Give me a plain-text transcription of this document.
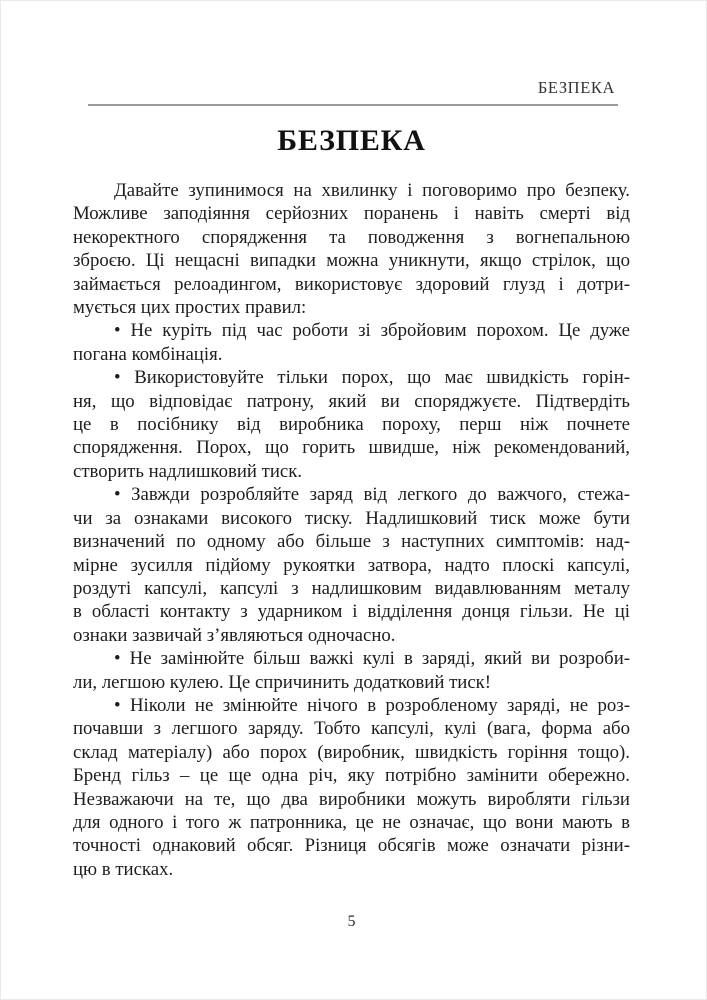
БЕЗПЕКА
БЕЗПЕКА
Давайте зупинимося на хвилинку і поговоримо про безпеку.
Можливе заподіяння серйозних поранень і навіть смерті від
некоректного спорядження та поводження з вогнепальною
зброєю. Ці нещасні випадки можна уникнути, якщо стрілок, що
займається релоадингом, використовує здоровий глузд і дотри-
мується цих простих правил:
• Не куріть під час роботи зі збройовим порохом. Це дуже
погана комбінація.
• Використовуйте тільки порох, що має швидкість горін-
ня, що відповідає патрону, який ви споряджуєте. Підтвердіть
це в посібнику від виробника пороху, перш ніж почнете
спорядження. Порох, що горить швидше, ніж рекомендований,
створить надлишковий тиск.
• Завжди розробляйте заряд від легкого до важчого, стежа-
чи за ознаками високого тиску. Надлишковий тиск може бути
визначений по одному або більше з наступних симптомів: над-
мірне зусилля підйому рукоятки затвора, надто плоскі капсулі,
роздуті капсулі, капсулі з надлишковим видавлюванням металу
в області контакту з ударником і відділення донця гільзи. Не ці
ознаки зазвичай з’являються одночасно.
• Не замінюйте більш важкі кулі в заряді, який ви розроби-
ли, легшою кулею. Це спричинить додатковий тиск!
• Ніколи не змінюйте нічого в розробленому заряді, не роз-
почавши з легшого заряду. Тобто капсулі, кулі (вага, форма або
склад матеріалу) або порох (виробник, швидкість горіння тощо).
Бренд гільз – це ще одна річ, яку потрібно замінити обережно.
Незважаючи на те, що два виробники можуть виробляти гільзи
для одного і того ж патронника, це не означає, що вони мають в
точності однаковий обсяг. Різниця обсягів може означати різни-
цю в тисках.
5
